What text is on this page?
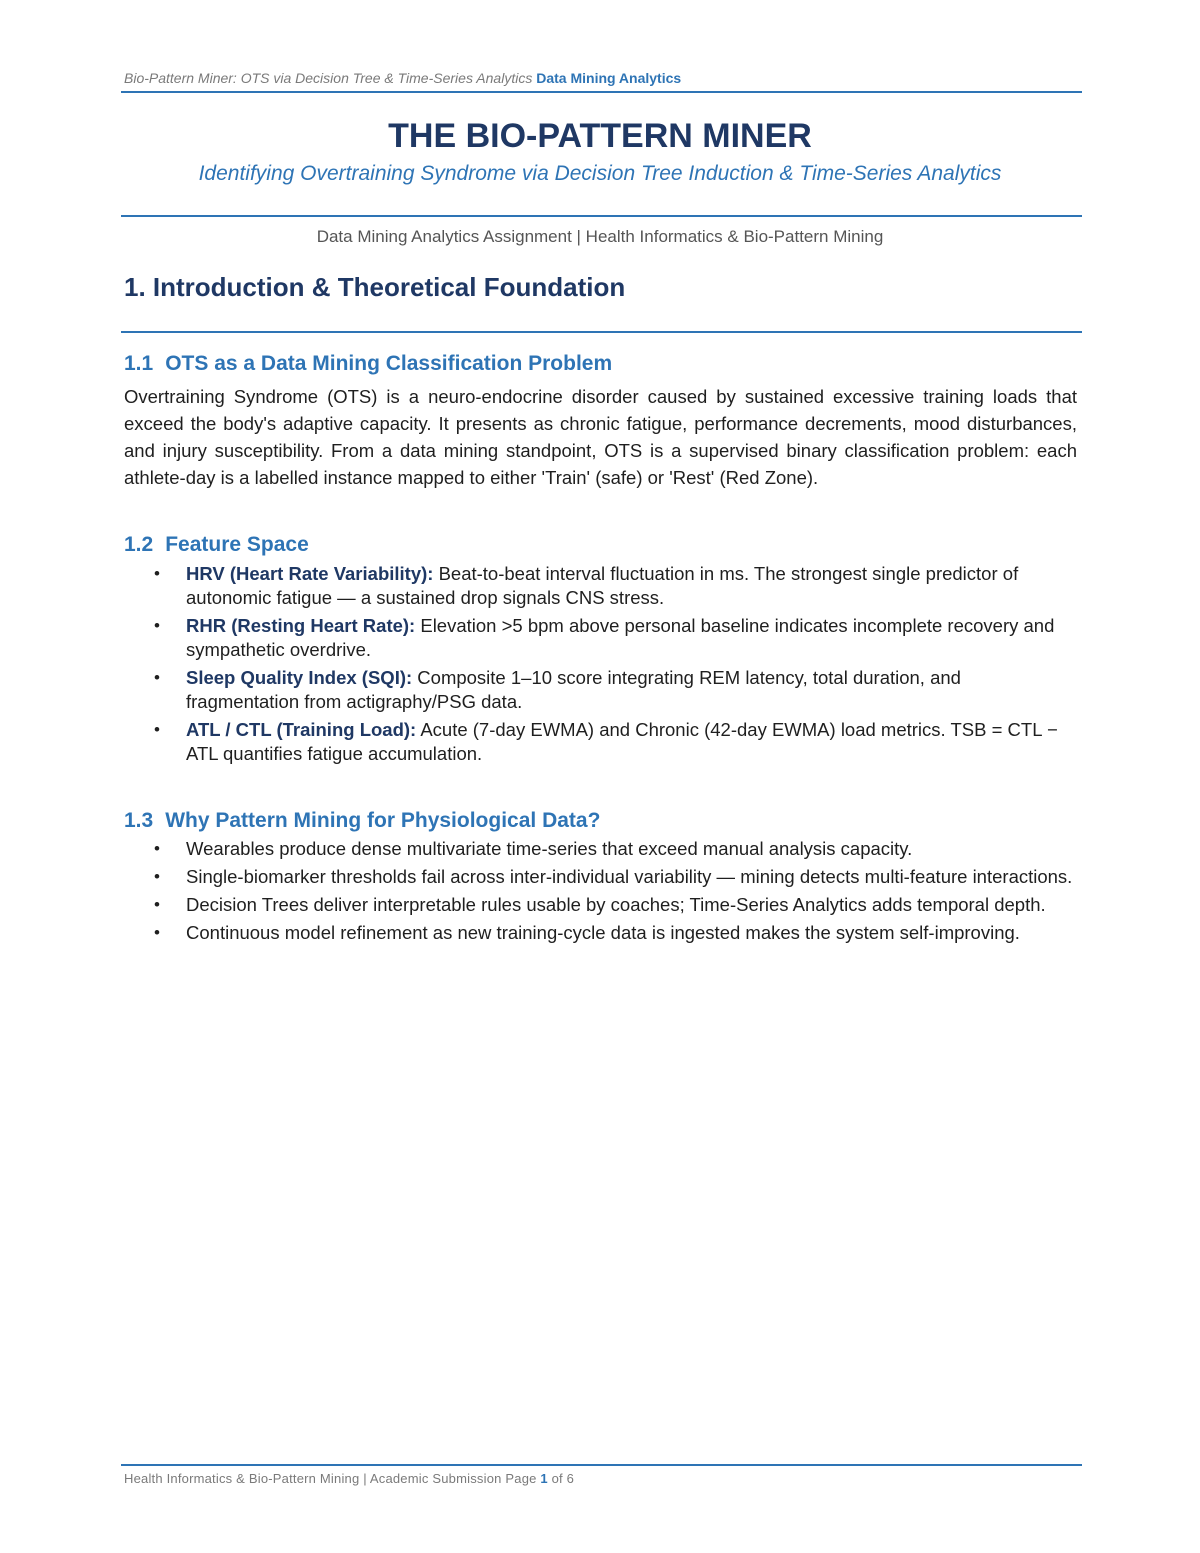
Bio-Pattern Miner: OTS via Decision Tree & Time-Series Analytics Data Mining Analytics
THE BIO-PATTERN MINER
Identifying Overtraining Syndrome via Decision Tree Induction & Time-Series Analytics
Data Mining Analytics Assignment | Health Informatics & Bio-Pattern Mining
1. Introduction & Theoretical Foundation
1.1 OTS as a Data Mining Classification Problem
Overtraining Syndrome (OTS) is a neuro-endocrine disorder caused by sustained excessive training loads that exceed the body's adaptive capacity. It presents as chronic fatigue, performance decrements, mood disturbances, and injury susceptibility. From a data mining standpoint, OTS is a supervised binary classification problem: each athlete-day is a labelled instance mapped to either 'Train' (safe) or 'Rest' (Red Zone).
1.2 Feature Space
• HRV (Heart Rate Variability): Beat-to-beat interval fluctuation in ms. The strongest single predictor of autonomic fatigue — a sustained drop signals CNS stress.
• RHR (Resting Heart Rate): Elevation >5 bpm above personal baseline indicates incomplete recovery and sympathetic overdrive.
• Sleep Quality Index (SQI): Composite 1–10 score integrating REM latency, total duration, and fragmentation from actigraphy/PSG data.
• ATL / CTL (Training Load): Acute (7-day EWMA) and Chronic (42-day EWMA) load metrics. TSB = CTL − ATL quantifies fatigue accumulation.
1.3 Why Pattern Mining for Physiological Data?
• Wearables produce dense multivariate time-series that exceed manual analysis capacity.
• Single-biomarker thresholds fail across inter-individual variability — mining detects multi-feature interactions.
• Decision Trees deliver interpretable rules usable by coaches; Time-Series Analytics adds temporal depth.
• Continuous model refinement as new training-cycle data is ingested makes the system self-improving.
Health Informatics & Bio-Pattern Mining | Academic Submission Page 1 of 6
